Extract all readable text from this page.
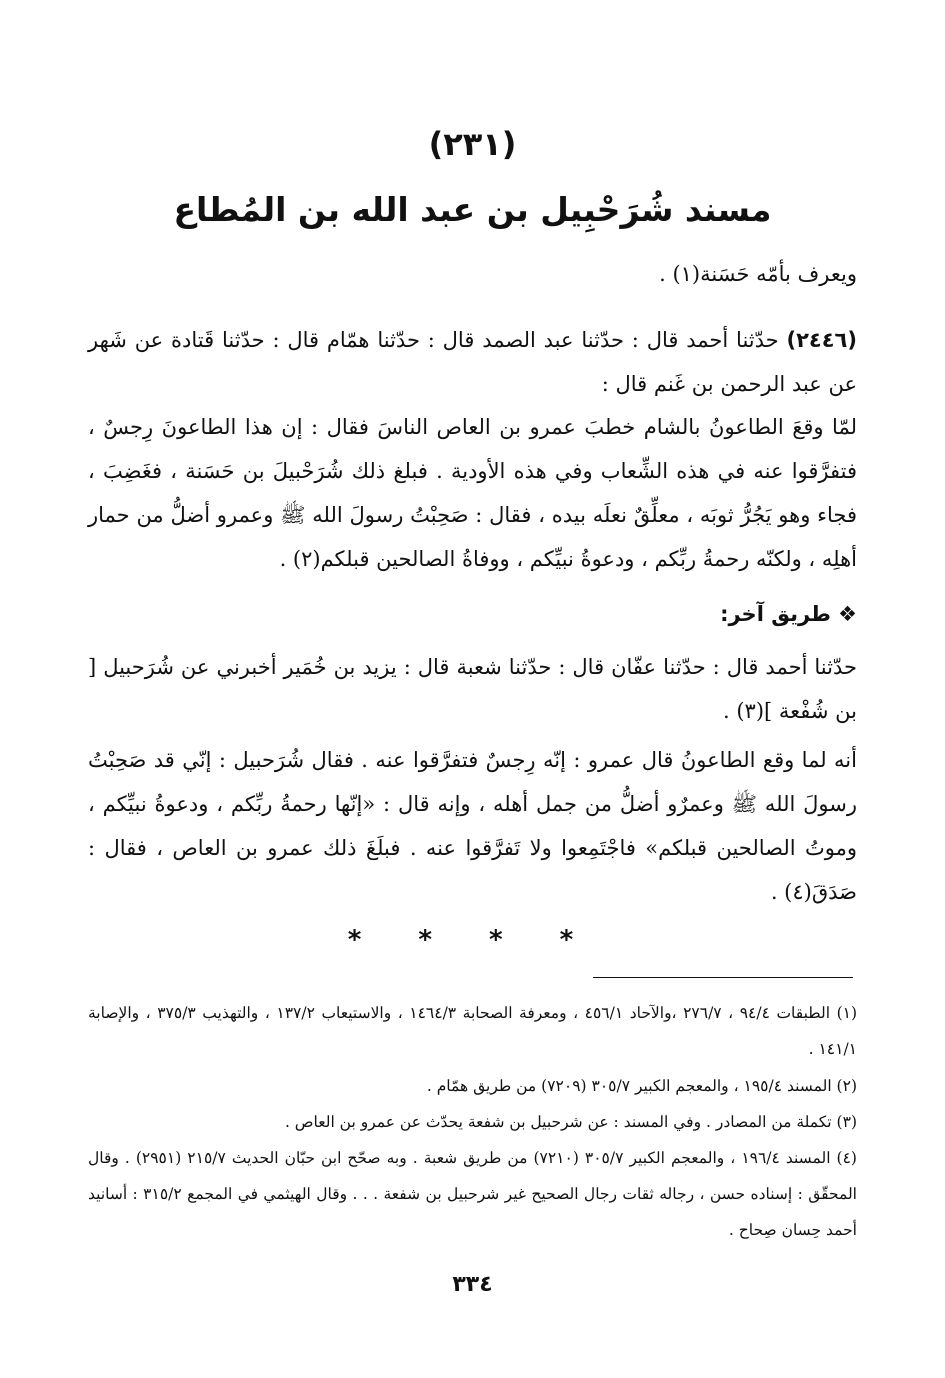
(٢٣١)
مسند شُرَحْبِيل بن عبد الله بن المُطاع
ويعرف بأمّه حَسَنة(١) .
(٢٤٤٦) حدّثنا أحمد قال : حدّثنا عبد الصمد قال : حدّثنا همّام قال : حدّثنا قَتادة عن شَهر عن عبد الرحمن بن غَنم قال :
لمّا وقعَ الطاعونُ بالشام خطبَ عمرو بن العاص الناسَ فقال : إن هذا الطاعونَ رِجسٌ ، فتفرَّقوا عنه في هذه الشِّعاب وفي هذه الأودية . فبلغ ذلك شُرَحْبيلَ بن حَسَنة ، فغَضِبَ ، فجاء وهو يَجُرُّ ثوبَه ، معلِّقٌ نعلَه بيده ، فقال : صَحِبْتُ رسولَ الله ﷺ وعمرو أضلُّ من حمار أهلِه ، ولكنّه رحمةُ ربِّكم ، ودعوةُ نبيِّكم ، ووفاةُ الصالحين قبلكم(٢) .
❖ طريق آخر:
حدّثنا أحمد قال : حدّثنا عفّان قال : حدّثنا شعبة قال : يزيد بن خُمَير أخبرني عن شُرَحبيل [ بن شُفْعة ](٣) .
أنه لما وقع الطاعونُ قال عمرو : إنّه رِجسٌ فتفرَّقوا عنه . فقال شُرَحبيل : إنّي قد صَحِبْتُ رسولَ الله ﷺ وعمرٌو أضلُّ من جمل أهله ، وإنه قال : «إنّها رحمةُ ربِّكم ، ودعوةُ نبيِّكم ، وموتُ الصالحين قبلكم» فاجْتَمِعوا ولا تَفرَّقوا عنه . فبلَغَ ذلك عمرو بن العاص ، فقال : صَدَقَ(٤) .
* * * *
(١) الطبقات ٩٤/٤ ، ٢٧٦/٧ ،والآحاد ٤٥٦/١ ، ومعرفة الصحابة ١٤٦٤/٣ ، والاستيعاب ١٣٧/٢ ، والتهذيب ٣٧٥/٣ ، والإصابة ١٤١/١ .
(٢) المسند ١٩٥/٤ ، والمعجم الكبير ٣٠٥/٧ (٧٢٠٩) من طريق همّام .
(٣) تكملة من المصادر . وفي المسند : عن شرحبيل بن شفعة يحدّث عن عمرو بن العاص .
(٤) المسند ١٩٦/٤ ، والمعجم الكبير ٣٠٥/٧ (٧٢١٠) من طريق شعبة . وبه صحّح ابن حبّان الحديث ٢١٥/٧ (٢٩٥١) . وقال المحقّق : إسناده حسن ، رجاله ثقات رجال الصحيح غير شرحبيل بن شفعة . . . وقال الهيثمي في المجمع ٣١٥/٢ : أسانيد أحمد حِسان صِحاح .
٣٣٤
